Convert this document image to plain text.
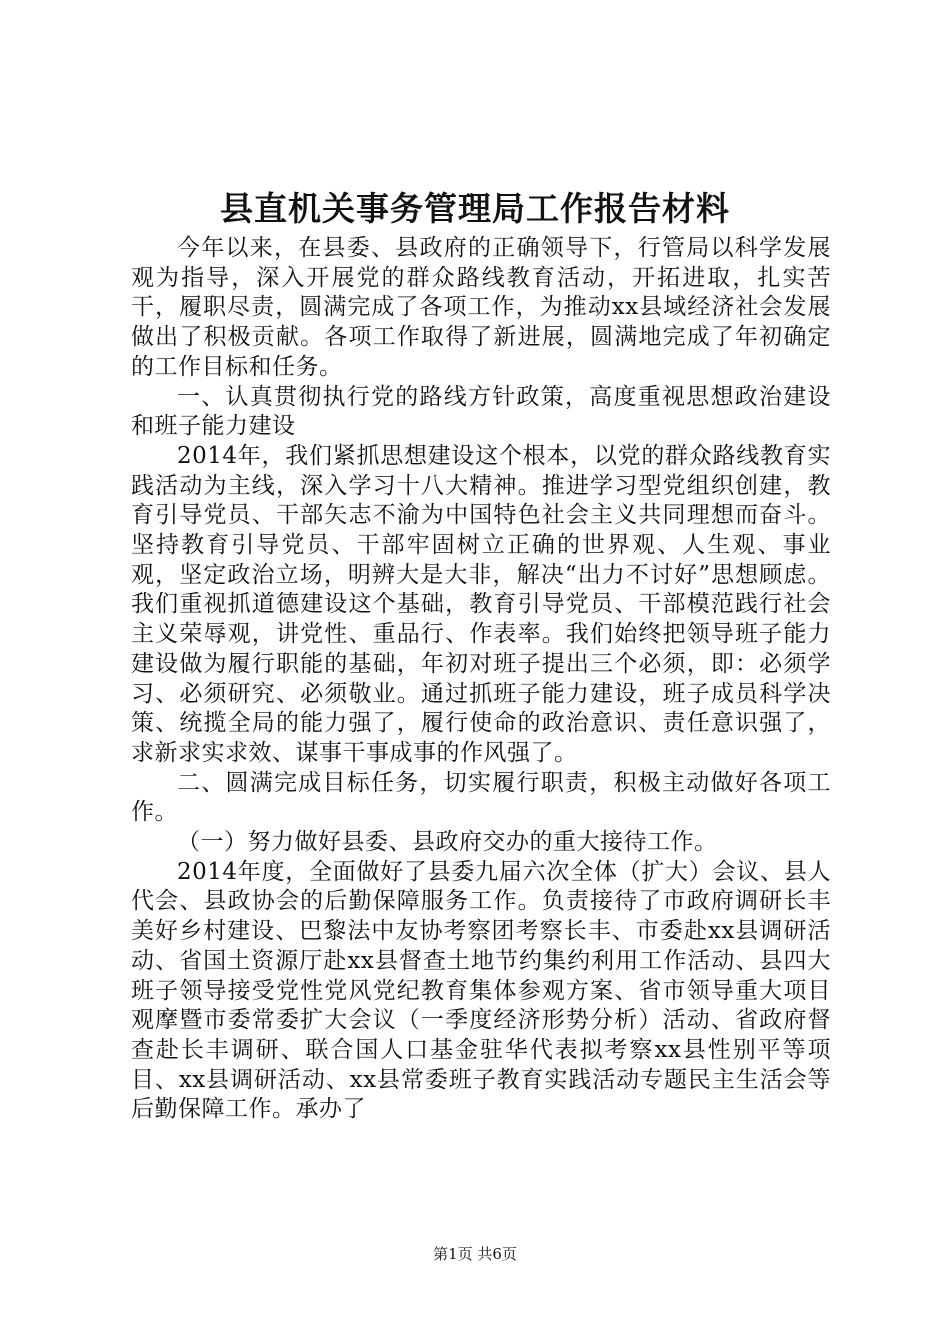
县直机关事务管理局工作报告材料

今年以来，在县委、县政府的正确领导下，行管局以科学发展观为指导，深入开展党的群众路线教育活动，开拓进取，扎实苦干，履职尽责，圆满完成了各项工作，为推动xx县域经济社会发展做出了积极贡献。各项工作取得了新进展，圆满地完成了年初确定的工作目标和任务。

一、认真贯彻执行党的路线方针政策，高度重视思想政治建设和班子能力建设

2014年，我们紧抓思想建设这个根本，以党的群众路线教育实践活动为主线，深入学习十八大精神。推进学习型党组织创建，教育引导党员、干部矢志不渝为中国特色社会主义共同理想而奋斗。坚持教育引导党员、干部牢固树立正确的世界观、人生观、事业观，坚定政治立场，明辨大是大非，解决“出力不讨好”思想顾虑。我们重视抓道德建设这个基础，教育引导党员、干部模范践行社会主义荣辱观，讲党性、重品行、作表率。我们始终把领导班子能力建设做为履行职能的基础，年初对班子提出三个必须，即：必须学习、必须研究、必须敬业。通过抓班子能力建设，班子成员科学决策、统揽全局的能力强了，履行使命的政治意识、责任意识强了，求新求实求效、谋事干事成事的作风强了。

二、圆满完成目标任务，切实履行职责，积极主动做好各项工作。

（一）努力做好县委、县政府交办的重大接待工作。

2014年度，全面做好了县委九届六次全体（扩大）会议、县人代会、县政协会的后勤保障服务工作。负责接待了市政府调研长丰美好乡村建设、巴黎法中友协考察团考察长丰、市委赴xx县调研活动、省国土资源厅赴xx县督查土地节约集约利用工作活动、县四大班子领导接受党性党风党纪教育集体参观方案、省市领导重大项目观摩暨市委常委扩大会议（一季度经济形势分析）活动、省政府督查赴长丰调研、联合国人口基金驻华代表拟考察xx县性别平等项目、xx县调研活动、xx县常委班子教育实践活动专题民主生活会等后勤保障工作。承办了

第1页 共6页
